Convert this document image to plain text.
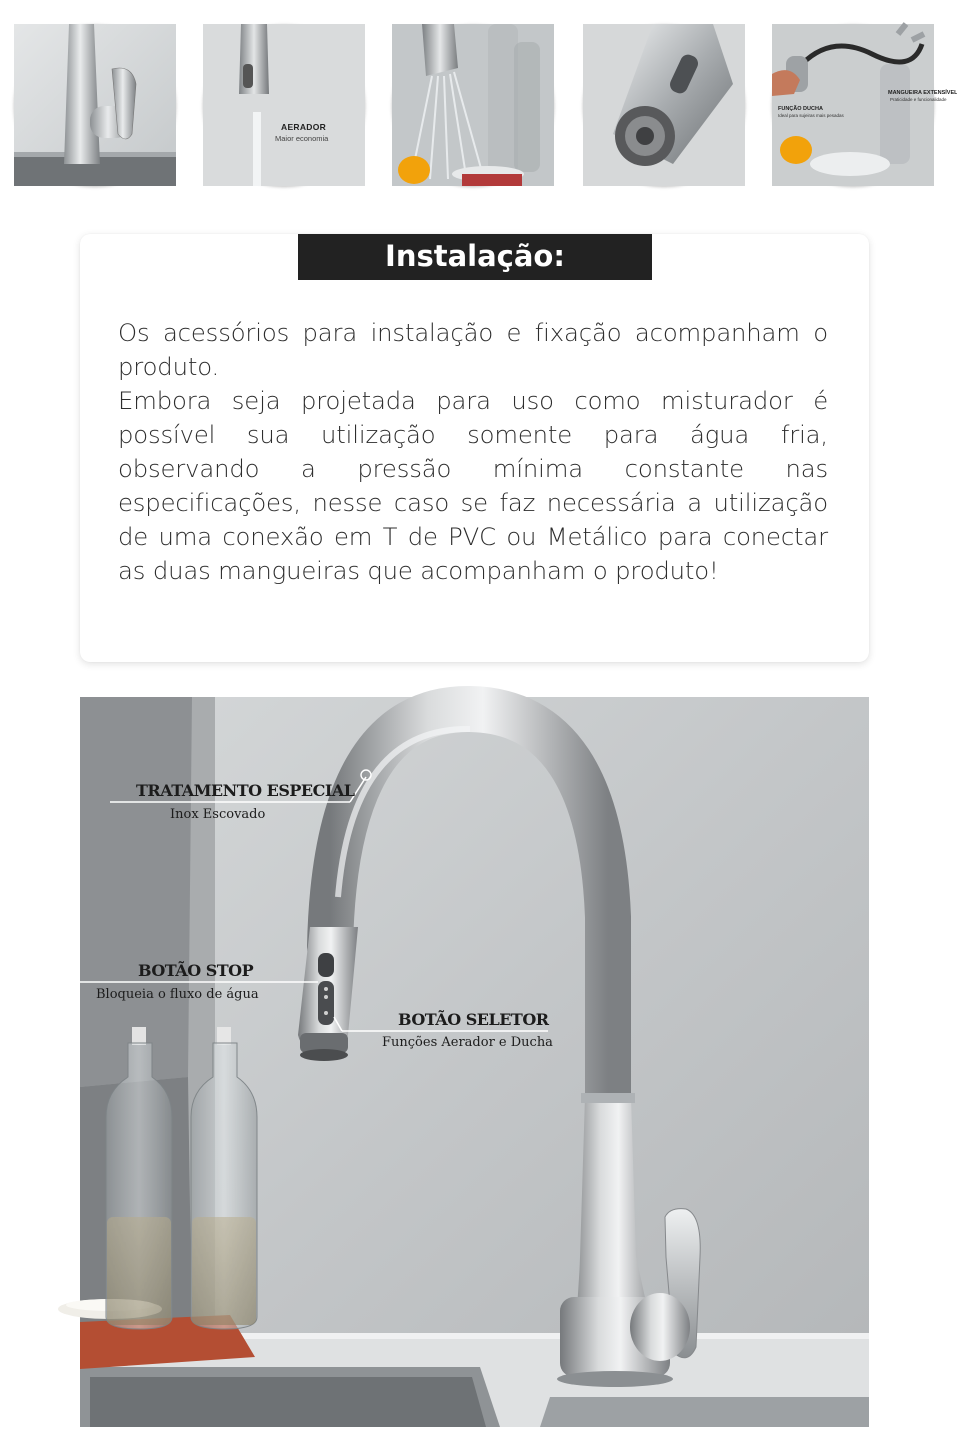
AERADOR
Maior economia
FUNÇÃO DUCHA
Ideal para sujeiras mais pesadas
MANGUEIRA EXTENSÍVEL
Praticidade e funcionalidade
Instalação:

Os acessórios para instalação e fixação acompanham o produto.

Embora seja projetada para uso como misturador é possível sua utilização somente para água fria, observando a pressão mínima constante nas especificações, nesse caso se faz necessária a utilização de uma conexão em T de PVC ou Metálico para conectar as duas mangueiras que acompanham o produto!

TRATAMENTO ESPECIAL
Inox Escovado
BOTÃO STOP
Bloqueia o fluxo de água
BOTÃO SELETOR
Funções Aerador e Ducha
